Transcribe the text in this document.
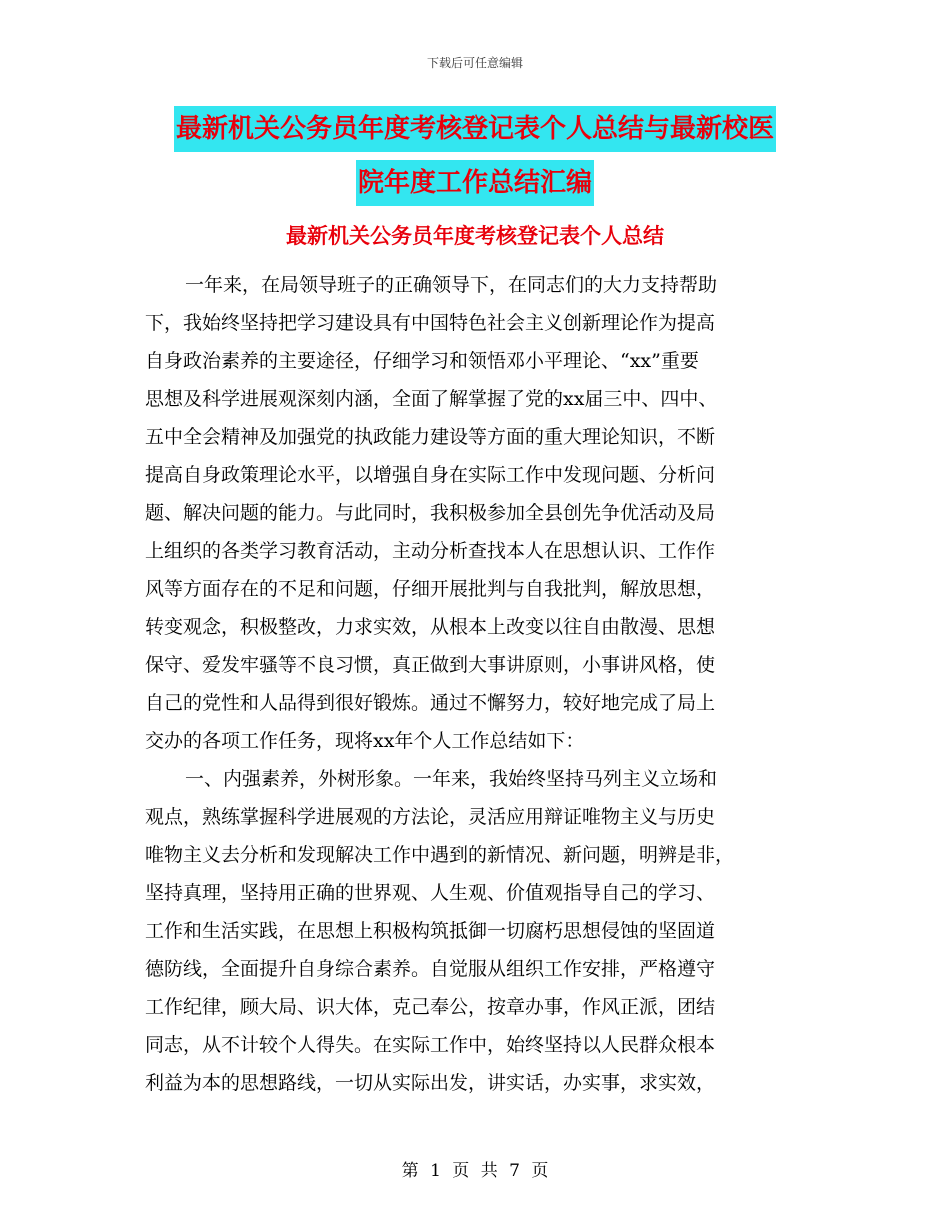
下载后可任意编辑
最新机关公务员年度考核登记表个人总结与最新校医
院年度工作总结汇编
最新机关公务员年度考核登记表个人总结
一年来，在局领导班子的正确领导下，在同志们的大力支持帮助
下，我始终坚持把学习建设具有中国特色社会主义创新理论作为提高
自身政治素养的主要途径，仔细学习和领悟邓小平理论、“xx”重要
思想及科学进展观深刻内涵，全面了解掌握了党的xx届三中、四中、
五中全会精神及加强党的执政能力建设等方面的重大理论知识，不断
提高自身政策理论水平，以增强自身在实际工作中发现问题、分析问
题、解决问题的能力。与此同时，我积极参加全县创先争优活动及局
上组织的各类学习教育活动，主动分析查找本人在思想认识、工作作
风等方面存在的不足和问题，仔细开展批判与自我批判，解放思想，
转变观念，积极整改，力求实效，从根本上改变以往自由散漫、思想
保守、爱发牢骚等不良习惯，真正做到大事讲原则，小事讲风格，使
自己的党性和人品得到很好锻炼。通过不懈努力，较好地完成了局上
交办的各项工作任务，现将xx年个人工作总结如下：
一、内强素养，外树形象。一年来，我始终坚持马列主义立场和
观点，熟练掌握科学进展观的方法论，灵活应用辩证唯物主义与历史
唯物主义去分析和发现解决工作中遇到的新情况、新问题，明辨是非，
坚持真理，坚持用正确的世界观、人生观、价值观指导自己的学习、
工作和生活实践，在思想上积极构筑抵御一切腐朽思想侵蚀的坚固道
德防线，全面提升自身综合素养。自觉服从组织工作安排，严格遵守
工作纪律，顾大局、识大体，克己奉公，按章办事，作风正派，团结
同志，从不计较个人得失。在实际工作中，始终坚持以人民群众根本
利益为本的思想路线，一切从实际出发，讲实话，办实事，求实效，
第 1 页 共 7 页
